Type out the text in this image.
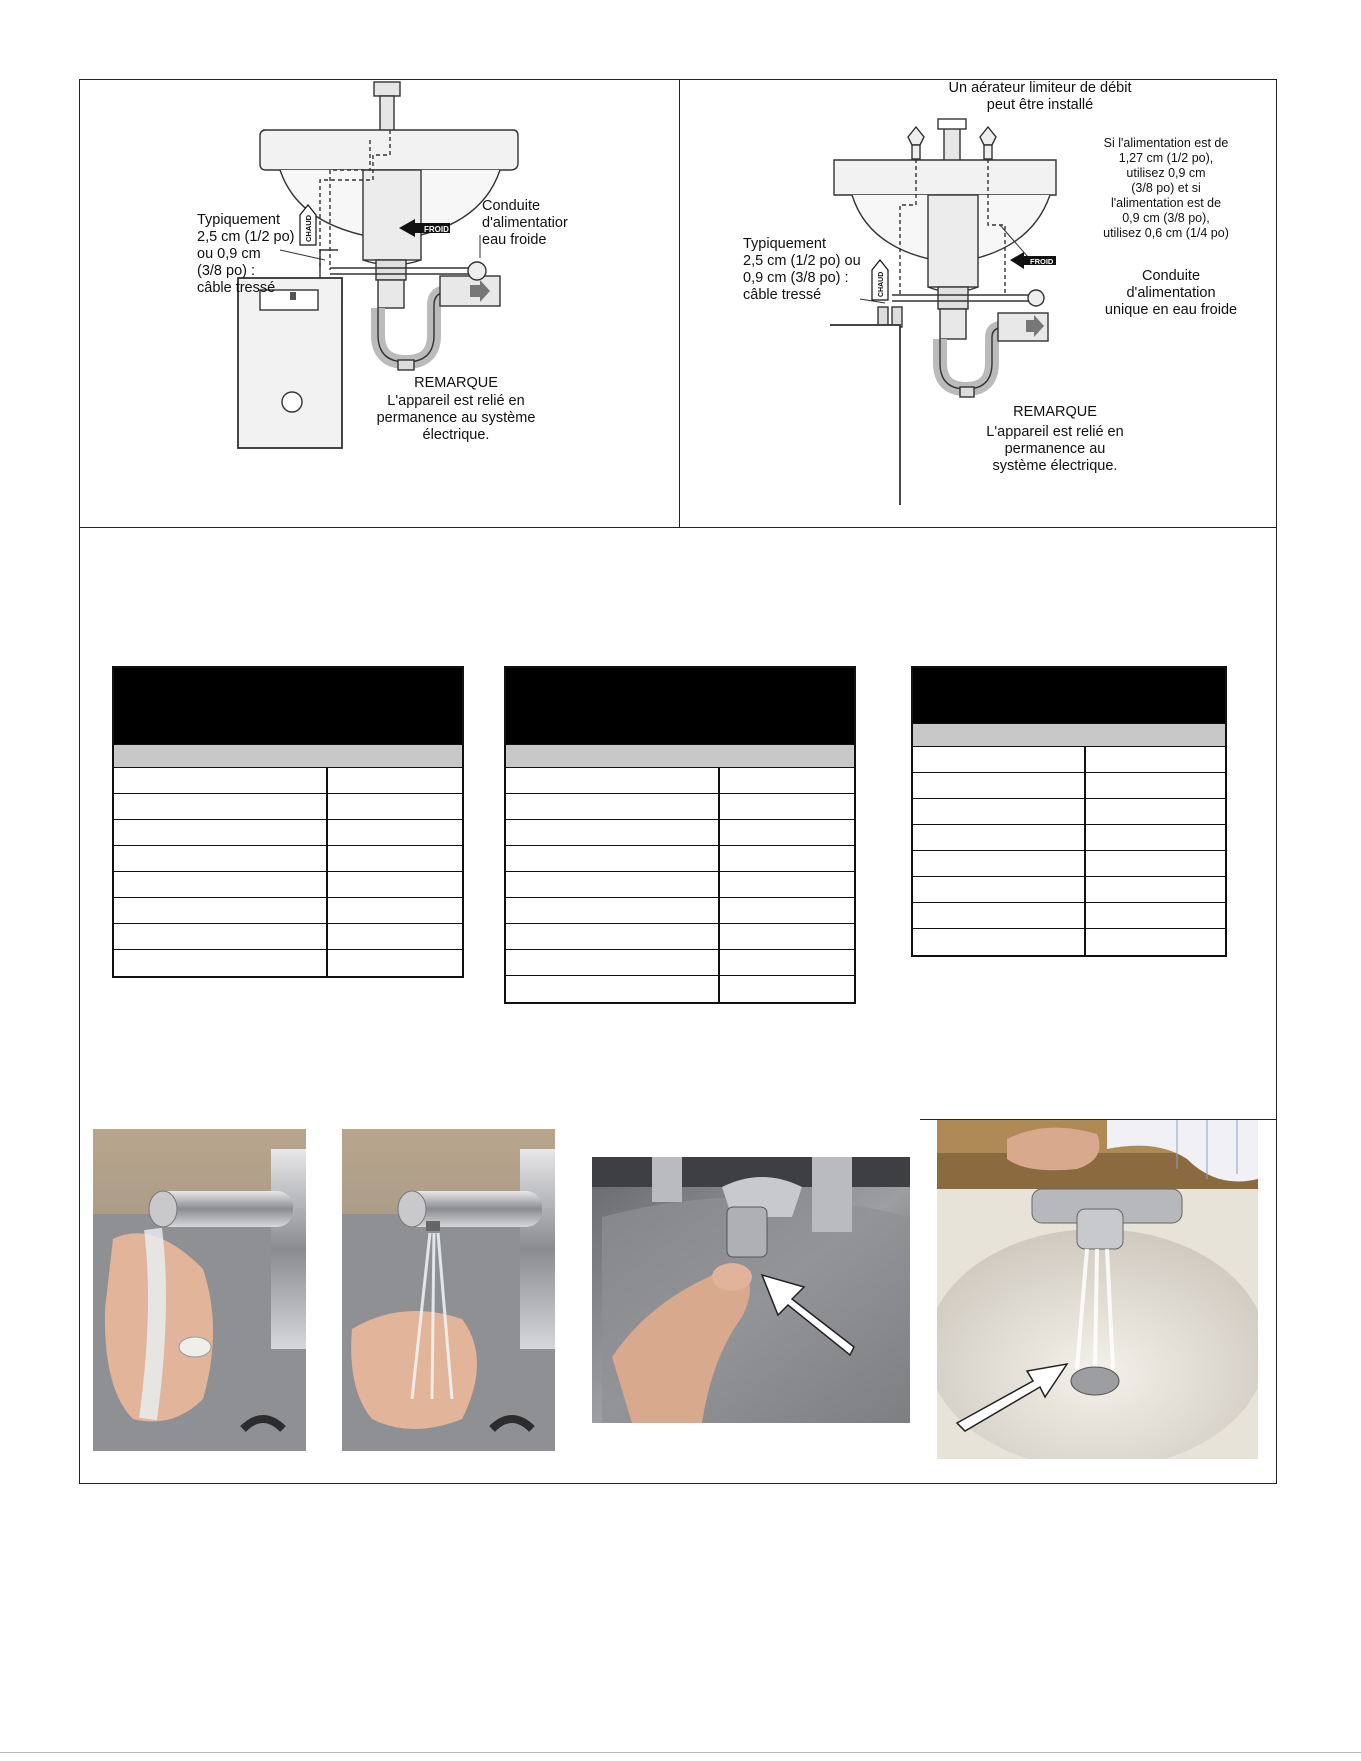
FROID
CHAUD
Typiquement
2,5 cm (1/2 po)
ou 0,9 cm
(3/8 po) :
câble tressé
Conduite
d'alimentatior
eau froide
REMARQUE
L'appareil est relié en
permanence au système
électrique.
FROID
CHAUD
Un aérateur limiteur de débit
peut être installé
Si l'alimentation est de
1,27 cm (1/2 po),
utilisez 0,9 cm
(3/8 po) et si
l'alimentation est de
0,9 cm (3/8 po),
utilisez 0,6 cm (1/4 po)
Typiquement
2,5 cm (1/2 po) ou
0,9 cm (3/8 po) :
câble tressé
Conduite
d'alimentation
unique en eau froide
REMARQUE
L'appareil est relié en
permanence au
système électrique.
